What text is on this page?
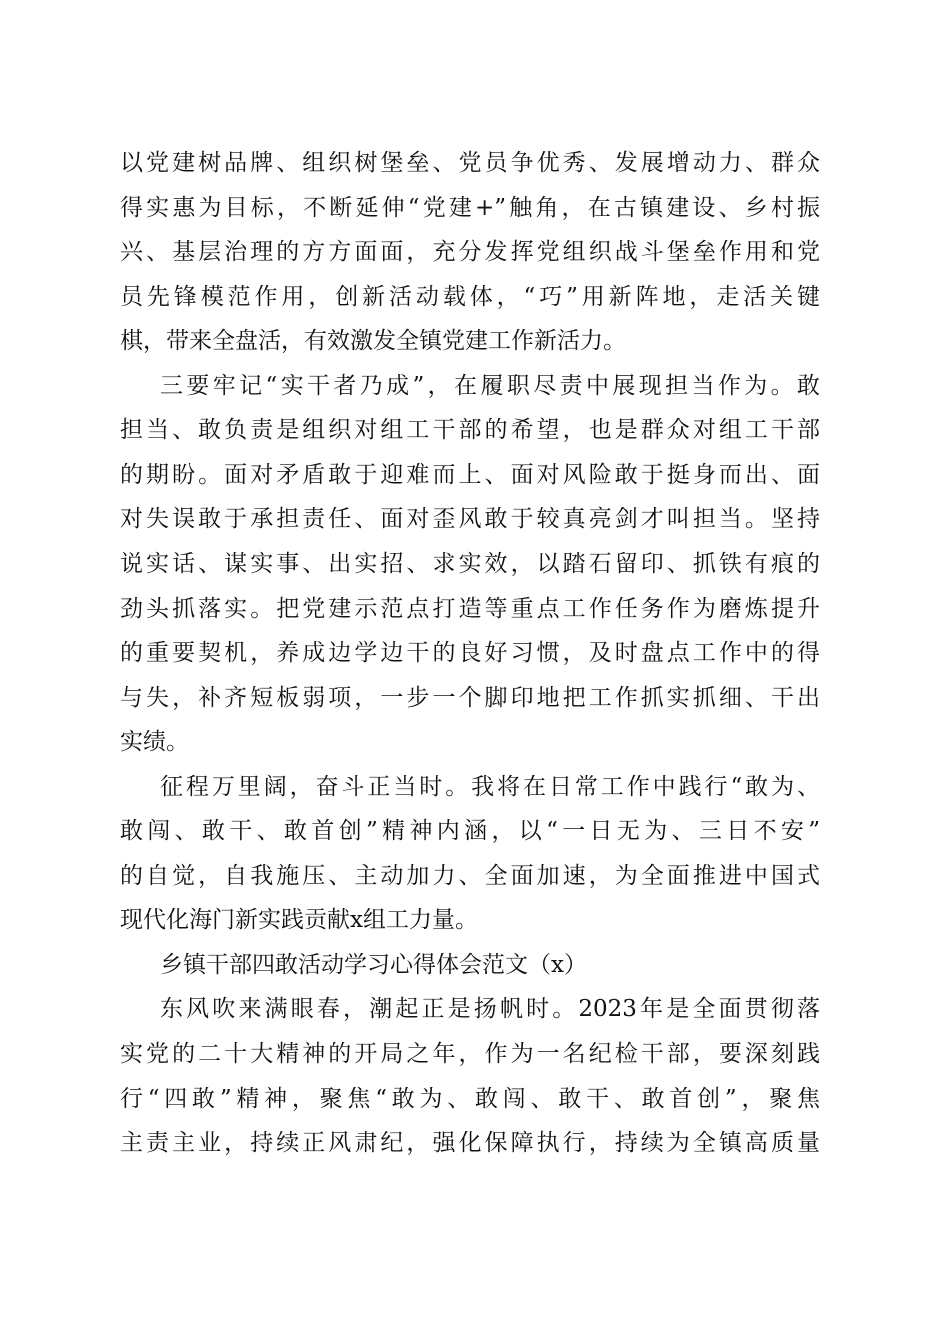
以党建树品牌、组织树堡垒、党员争优秀、发展增动力、群众
得实惠为目标，不断延伸“党建+”触角，在古镇建设、乡村振
兴、基层治理的方方面面，充分发挥党组织战斗堡垒作用和党
员先锋模范作用，创新活动载体，“巧”用新阵地，走活关键
棋，带来全盘活，有效激发全镇党建工作新活力。
三要牢记“实干者乃成”，在履职尽责中展现担当作为。敢
担当、敢负责是组织对组工干部的希望，也是群众对组工干部
的期盼。面对矛盾敢于迎难而上、面对风险敢于挺身而出、面
对失误敢于承担责任、面对歪风敢于较真亮剑才叫担当。坚持
说实话、谋实事、出实招、求实效，以踏石留印、抓铁有痕的
劲头抓落实。把党建示范点打造等重点工作任务作为磨炼提升
的重要契机，养成边学边干的良好习惯，及时盘点工作中的得
与失，补齐短板弱项，一步一个脚印地把工作抓实抓细、干出
实绩。
征程万里阔，奋斗正当时。我将在日常工作中践行“敢为、
敢闯、敢干、敢首创”精神内涵，以“一日无为、三日不安”
的自觉，自我施压、主动加力、全面加速，为全面推进中国式
现代化海门新实践贡献x组工力量。
乡镇干部四敢活动学习心得体会范文（x）
东风吹来满眼春，潮起正是扬帆时。2023年是全面贯彻落
实党的二十大精神的开局之年，作为一名纪检干部，要深刻践
行“四敢”精神，聚焦“敢为、敢闯、敢干、敢首创”，聚焦
主责主业，持续正风肃纪，强化保障执行，持续为全镇高质量
